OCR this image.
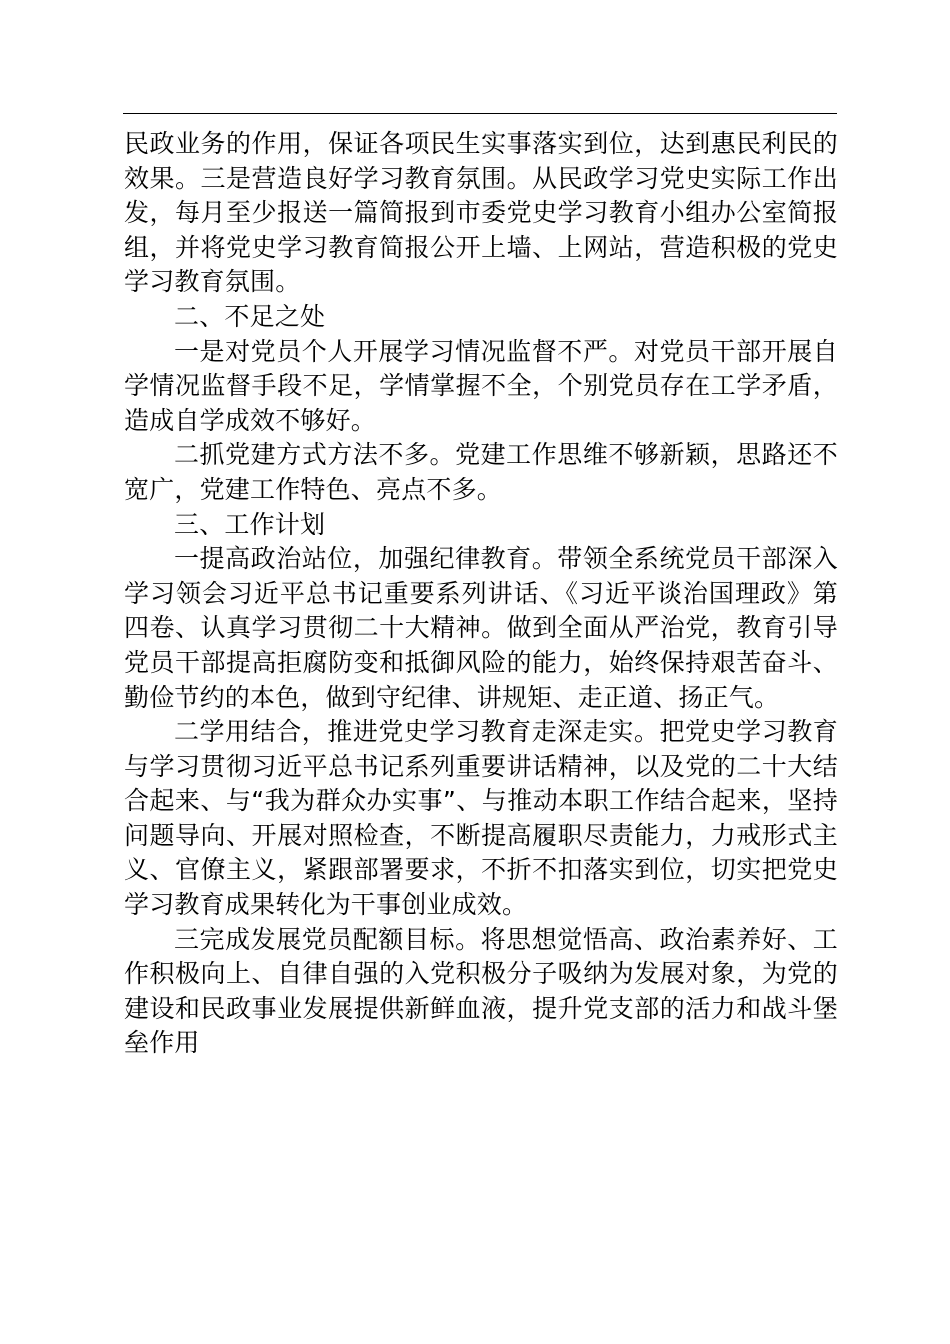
民政业务的作用，保证各项民生实事落实到位，达到惠民利民的效果。三是营造良好学习教育氛围。从民政学习党史实际工作出发，每月至少报送一篇简报到市委党史学习教育小组办公室简报组，并将党史学习教育简报公开上墙、上网站，营造积极的党史学习教育氛围。

二、不足之处

一是对党员个人开展学习情况监督不严。对党员干部开展自学情况监督手段不足，学情掌握不全，个别党员存在工学矛盾，造成自学成效不够好。

二抓党建方式方法不多。党建工作思维不够新颖，思路还不宽广，党建工作特色、亮点不多。

三、工作计划

一提高政治站位，加强纪律教育。带领全系统党员干部深入学习领会习近平总书记重要系列讲话、《习近平谈治国理政》第四卷、认真学习贯彻二十大精神。做到全面从严治党，教育引导党员干部提高拒腐防变和抵御风险的能力，始终保持艰苦奋斗、勤俭节约的本色，做到守纪律、讲规矩、走正道、扬正气。

二学用结合，推进党史学习教育走深走实。把党史学习教育与学习贯彻习近平总书记系列重要讲话精神，以及党的二十大结合起来、与“我为群众办实事”、与推动本职工作结合起来，坚持问题导向、开展对照检查，不断提高履职尽责能力，力戒形式主义、官僚主义，紧跟部署要求，不折不扣落实到位，切实把党史学习教育成果转化为干事创业成效。

三完成发展党员配额目标。将思想觉悟高、政治素养好、工作积极向上、自律自强的入党积极分子吸纳为发展对象，为党的建设和民政事业发展提供新鲜血液，提升党支部的活力和战斗堡垒作用
